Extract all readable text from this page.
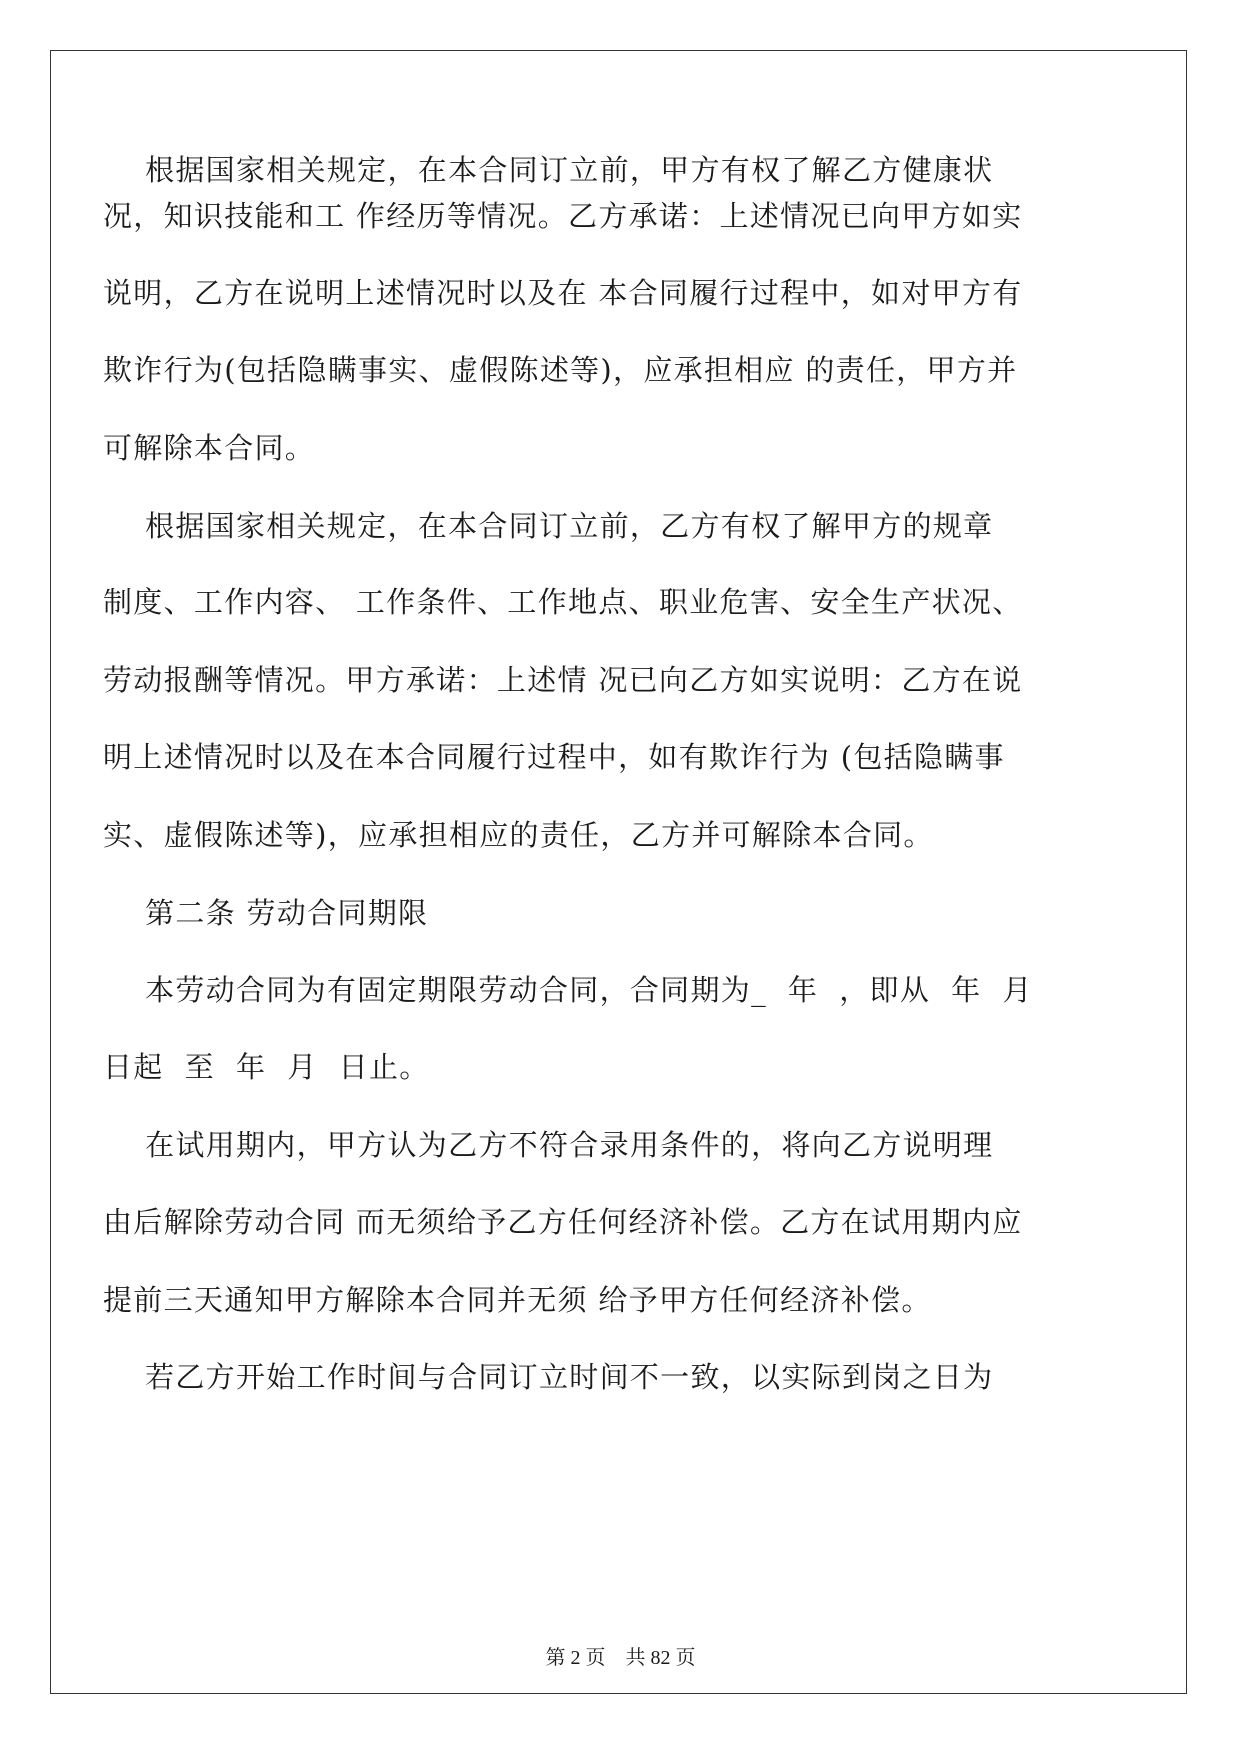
根据国家相关规定，在本合同订立前，甲方有权了解乙方健康状
况，知识技能和工 作经历等情况。乙方承诺：上述情况已向甲方如实
说明，乙方在说明上述情况时以及在 本合同履行过程中，如对甲方有
欺诈行为(包括隐瞒事实、虚假陈述等)，应承担相应 的责任，甲方并
可解除本合同。
根据国家相关规定，在本合同订立前，乙方有权了解甲方的规章
制度、工作内容、 工作条件、工作地点、职业危害、安全生产状况、
劳动报酬等情况。甲方承诺：上述情 况已向乙方如实说明：乙方在说
明上述情况时以及在本合同履行过程中，如有欺诈行为 (包括隐瞒事
实、虚假陈述等)，应承担相应的责任，乙方并可解除本合同。
第二条 劳动合同期限
本劳动合同为有固定期限劳动合同，合同期为_  年  ，即从  年  月
日起  至  年  月  日止。
在试用期内，甲方认为乙方不符合录用条件的，将向乙方说明理
由后解除劳动合同 而无须给予乙方任何经济补偿。乙方在试用期内应
提前三天通知甲方解除本合同并无须 给予甲方任何经济补偿。
若乙方开始工作时间与合同订立时间不一致，以实际到岗之日为
第 2 页    共 82 页
